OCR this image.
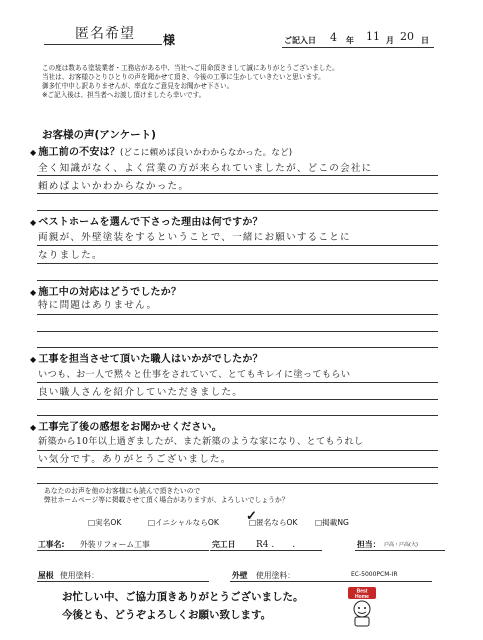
匿名希望 様	ご記入日 4 年 11 月 20 日
この度は数ある塗装業者・工務店がある中、当社へご用命頂きまして誠にありがとうございました。
当社は、お客様ひとりひとりの声を聞かせて頂き、今後の工事に生かしていきたいと思います。
御多忙中申し訳ありませんが、率直なご意見をお聞かせ下さい。
※ご記入後は、担当者へお渡し頂けましたら幸いです。
お客様の声(アンケート)
◆ 施工前の不安は？(どこに頼めば良いかわからなかった。など)
全く知識がなく、よく営業の方が来られていましたが、どこの会社に
頼めばよいかわからなかった。
◆ ベストホームを選んで下さった理由は何ですか？
両親が、外壁塗装をするということで、一緒にお願いすることに
なりました。
◆ 施工中の対応はどうでしたか？
特に問題はありません。
◆ 工事を担当させて頂いた職人はいかがでしたか？
いつも、お一人で黙々と仕事をされていて、とてもキレイに塗ってもらい
良い職人さんを紹介していただきました。
◆ 工事完了後の感想をお聞かせください。
新築から10年以上過ぎましたが、また新築のような家になり、とてもうれし
い気分です。ありがとうございました。
あなたのお声を他のお客様にも読んで頂きたいので
弊社ホームページ等に掲載させて頂く場合がありますが、よろしいでしょうか？
□実名OK	□イニシャルならOK	□匿名ならOK □掲載NG
✓
工事名: 外装リフォーム工事	完工日 R4 .　　.	担当： 戸高・戸高(大)
屋根 使用塗料：	外壁 使用塗料：	EC-5000PCM-IR
お忙しい中、ご協力頂きありがとうございました。
今後とも、どうぞよろしくお願い致します。
Best
Home
